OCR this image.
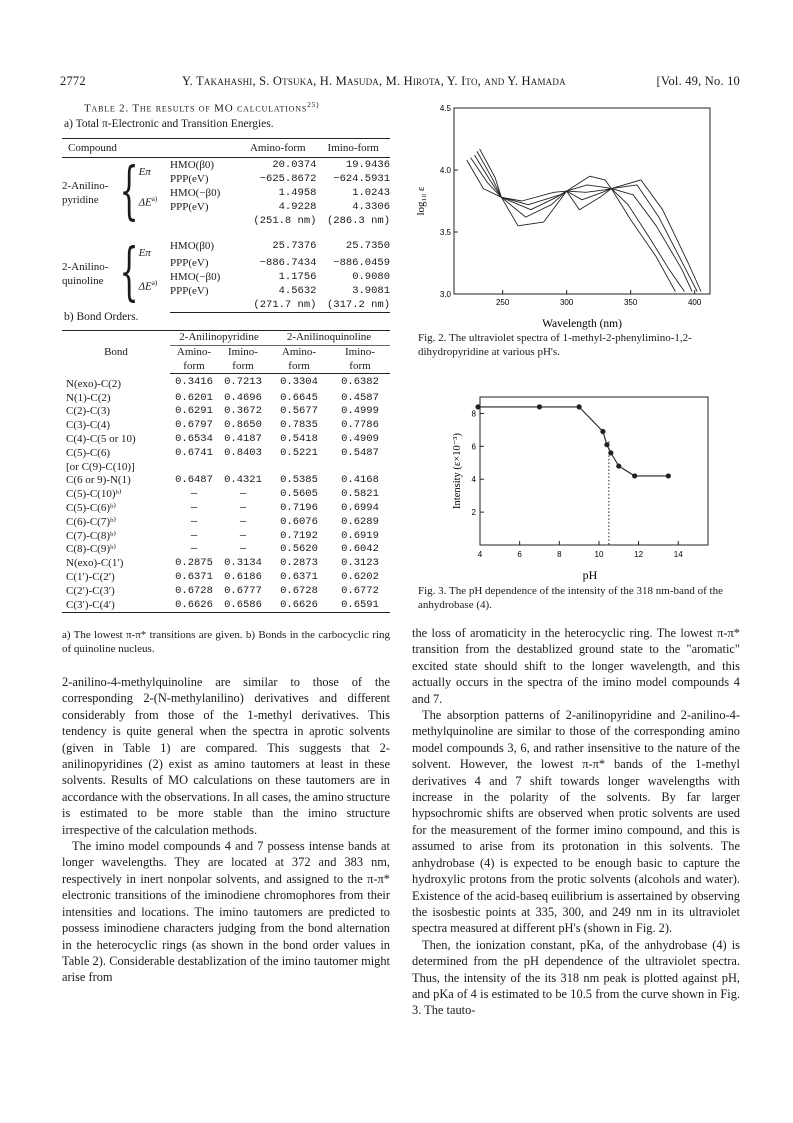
2772	Y. Takahashi, S. Otsuka, H. Masuda, M. Hirota, Y. Ito, and Y. Hamada	[Vol. 49, No. 10
Table 2. The results of MO calculations$^{25)}$
a) Total π-Electronic and Transition Energies.
Compound				Amino-form	Imino-form

2-Anilino-
pyridine	{	Eπ	HMO(β0)	20.0374	19.9436
			PPP(eV)	−625.8672	−624.5931
		ΔE$^{a)}$	HMO(−β0)	1.4958	1.0243
			PPP(eV)	4.9228	4.3306
				(251.8 nm)	(286.3 nm)

2-Anilino-
quinoline	{	Eπ	HMO(β0)	25.7376	25.7350
			PPP(eV)	−886.7434	−886.0459
		ΔE$^{a)}$	HMO(−β0)	1.1756	0.9080
			PPP(eV)	4.5632	3.9081
				(271.7 nm)	(317.2 nm)
b) Bond Orders.
Bond	2-Anilinopyridine		2-Anilinoquinoline	

	Amino-	Imino-	Amino-	Imino-
	form	form	form	form
N(exo)-C(2)	0.3416	0.7213	0.3304	0.6382
N(1)-C(2)	0.6201	0.4696	0.6645	0.4587
C(2)-C(3)	0.6291	0.3672	0.5677	0.4999
C(3)-C(4)	0.6797	0.8650	0.7835	0.7786
C(4)-C(5 or 10)	0.6534	0.4187	0.5418	0.4909
C(5)-C(6)	0.6741	0.8403	0.5221	0.5487
[or C(9)-C(10)]				
C(6 or 9)-N(1)	0.6487	0.4321	0.5385	0.4168
C(5)-C(10)ᵇ⁾	—	—	0.5605	0.5821
C(5)-C(6)ᵇ⁾	—	—	0.7196	0.6994
C(6)-C(7)ᵇ⁾	—	—	0.6076	0.6289
C(7)-C(8)ᵇ⁾	—	—	0.7192	0.6919
C(8)-C(9)ᵇ⁾	—	—	0.5620	0.6042
N(exo)-C(1′)	0.2875	0.3134	0.2873	0.3123
C(1′)-C(2′)	0.6371	0.6186	0.6371	0.6202
C(2′)-C(3′)	0.6728	0.6777	0.6728	0.6772
C(3′)-C(4′)	0.6626	0.6586	0.6626	0.6591
a) The lowest π-π* transitions are given. b) Bonds in the carbocyclic ring of quinoline nucleus.

2-anilino-4-methylquinoline are similar to those of the corresponding 2-(N-methylanilino) derivatives and different considerably from those of the 1-methyl derivatives. This tendency is quite general when the spectra in aprotic solvents (given in Table 1) are compared. This suggests that 2-anilinopyridines (2) exist as amino tautomers at least in these solvents. Results of MO calculations on these tautomers are in accordance with the observations. In all cases, the amino structure is estimated to be more stable than the imino structure irrespective of the calculation methods.

The imino model compounds 4 and 7 possess intense bands at longer wavelengths. They are located at 372 and 383 nm, respectively in inert nonpolar solvents, and assigned to the π-π* electronic transitions of the iminodiene chromophores from their intensities and locations. The imino tautomers are predicted to possess iminodiene characters judging from the bond alternation in the heterocyclic rings (as shown in the bond order values in Table 2). Considerable destablization of the imino tautomer might arise from

4.5
4.0
3.5
3.0
250	300	350	400
log₁₀ ε
Wavelength (nm)
Fig. 2. The ultraviolet spectra of 1-methyl-2-phenylimino-1,2-dihydropyridine at various pH's.
8
6
4
2
4	6	8	10	12	14
Intensity (ε×10⁻³)
pH
Fig. 3. The pH dependence of the intensity of the 318 nm-band of the anhydrobase (4).

the loss of aromaticity in the heterocyclic ring. The lowest π-π* transition from the destablized ground state to the "aromatic" excited state should shift to the longer wavelength, and this actually occurs in the spectra of the imino model compounds 4 and 7.

The absorption patterns of 2-anilinopyridine and 2-anilino-4-methylquinoline are similar to those of the corresponding amino model compounds 3, 6, and rather insensitive to the nature of the solvent. However, the lowest π-π* bands of the 1-methyl derivatives 4 and 7 shift towards longer wavelengths with increase in the polarity of the solvents. By far larger hypsochromic shifts are observed when protic solvents are used for the measurement of the former imino compound, and this is assumed to arise from its protonation in this solvents. The anhydrobase (4) is expected to be enough basic to capture the hydroxylic protons from the protic solvents (alcohols and water). Existence of the acid-baseq euilibrium is assertained by observing the isosbestic points at 335, 300, and 249 nm in its ultraviolet spectra measured at different pH's (shown in Fig. 2).

Then, the ionization constant, pKa, of the anhydrobase (4) is determined from the pH dependence of the ultraviolet spectra. Thus, the intensity of the its 318 nm peak is plotted against pH, and pKa of 4 is estimated to be 10.5 from the curve shown in Fig. 3. The tauto-
